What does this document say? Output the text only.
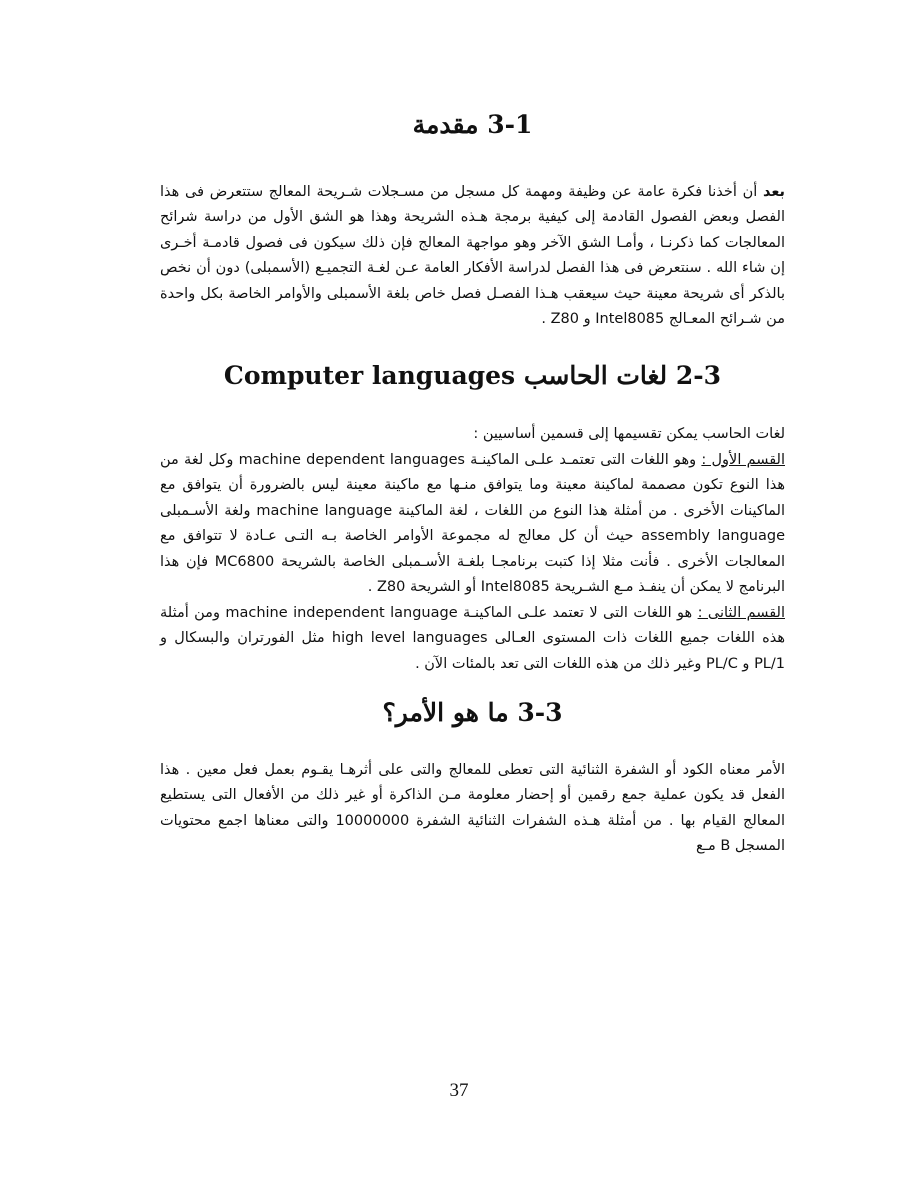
3-1 مقدمة

بعد أن أخذنا فكرة عامة عن وظيفة ومهمة كل مسجل من مسـجلات شـريحة المعالج ستتعرض فى هذا الفصل وبعض الفصول القادمة إلى كيفية برمجة هـذه الشريحة وهذا هو الشق الأول من دراسة شرائح المعالجات كما ذكرنـا ، وأمـا الشق الآخر وهو مواجهة المعالج فإن ذلك سيكون فى فصول قادمـة أخـرى إن شاء الله . سنتعرض فى هذا الفصل لدراسة الأفكار العامة عـن لغـة التجميـع (الأسمبلى) دون أن نخص بالذكر أى شريحة معينة حيث سيعقب هـذا الفصـل فصل خاص بلغة الأسمبلى والأوامر الخاصة بكل واحدة من شـرائح المعـالج Intel8085 و Z80 .

2-3 لغات الحاسب Computer languages

لغات الحاسب يمكن تقسيمها إلى قسمين أساسيين :

القسم الأول : وهو اللغات التى تعتمـد علـى الماكينـة machine dependent languages وكل لغة من هذا النوع تكون مصممة لماكينة معينة وما يتوافق منـها مع ماكينة معينة ليس بالضرورة أن يتوافق مع الماكينات الأخرى . من أمثلة هذا النوع من اللغات ، لغة الماكينة machine language ولغة الأسـمبلى assembly language حيث أن كل معالج له مجموعة الأوامر الخاصة بـه التـى عـادة لا تتوافق مع المعالجات الأخرى . فأنت مثلا إذا كتبت برنامجـا بلغـة الأسـمبلى الخاصة بالشريحة MC6800 فإن هذا البرنامج لا يمكن أن ينفـذ مـع الشـريحة Intel8085 أو الشريحة Z80 .

القسم الثانى : هو اللغات التى لا تعتمد علـى الماكينـة machine independent language ومن أمثلة هذه اللغات جميع اللغات ذات المستوى العـالى high level languages مثل الفورتران والبسكال و PL/1 و PL/C وغير ذلك من هذه اللغات التى تعد بالمئات الآن .

3-3 ما هو الأمر؟

الأمر معناه الكود أو الشفرة الثنائية التى تعطى للمعالج والتى على أثرهـا يقـوم بعمل فعل معين . هذا الفعل قد يكون عملية جمع رقمين أو إحضار معلومة مـن الذاكرة أو غير ذلك من الأفعال التى يستطيع المعالج القيام بها . من أمثلة هـذه الشفرات الثنائية الشفرة 10000000 والتى معناها اجمع محتويات المسجل B مـع

37
